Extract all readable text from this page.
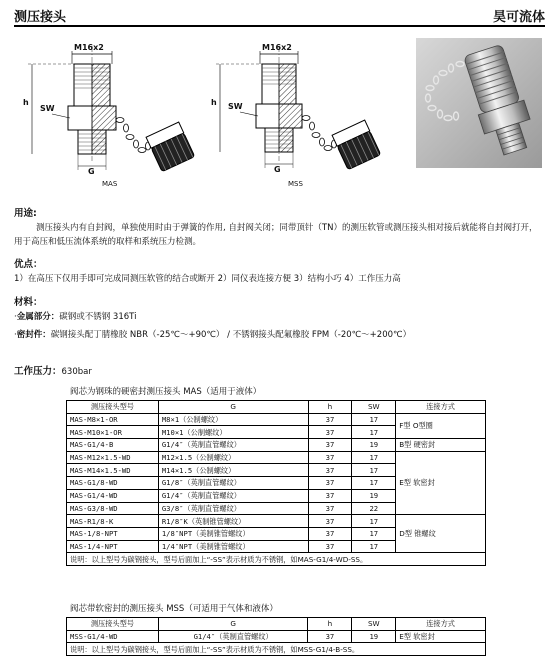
测压接头	昊可流体
M16x2
h
SW
G
MAS
M16x2
h SW
G
MSS
用途:
测压接头内有自封阀，单独使用时由于弹簧的作用, 自封阀关闭；同带顶针（TN）的测压软管或测压接头相对接后就能将自封阀打开，用于高压和低压流体系统的取样和系统压力检测。
优点：
1）在高压下仅用手即可完成同测压软管的结合或断开 2）同仪表连接方便 3）结构小巧 4）工作压力高
材料：
·金属部分：碳钢或不锈钢 316Ti
·密封件：碳钢接头配丁腈橡胶 NBR（-25℃～+90℃） / 不锈钢接头配氟橡胶 FPM（-20℃～+200℃）
工作压力：630bar
阀芯为钢珠的硬密封测压接头 MAS（适用于液体）
测压接头型号	G	h	SW	连接方式
MAS-M8×1-OR	M8×1（公制螺纹）	37	17	F型 O型圈
MAS-M10×1-OR	M10×1（公制螺纹）	37	17	
MAS-G1/4-B	G1/4″（英制直管螺纹）	37	19	B型 硬密封
MAS-M12×1.5-WD	M12×1.5（公制螺纹）	37	17	E型 软密封
MAS-M14×1.5-WD	M14×1.5（公制螺纹）	37	17	
MAS-G1/8-WD	G1/8″（英制直管螺纹）	37	17	
MAS-G1/4-WD	G1/4″（英制直管螺纹）	37	19	
MAS-G3/8-WD	G3/8″（英制直管螺纹）	37	22	
MAS-R1/8-K	R1/8″K（英制锥管螺纹）	37	17	D型 锥螺纹
MAS-1/8-NPT	1/8″NPT（美制锥管螺纹）	37	17	
MAS-1/4-NPT	1/4″NPT（美制锥管螺纹）	37	17	
说明：以上型号为碳钢接头，型号后面加上“-SS”表示材质为不锈钢，如MAS-G1/4-WD-SS。				
阀芯带软密封的测压接头 MSS（可适用于气体和液体）
测压接头型号	G	h	SW	连接方式
MSS-G1/4-WD	G1/4″（英制直管螺纹）	37	19	E型 软密封
说明：以上型号为碳钢接头，型号后面加上“-SS”表示材质为不锈钢，如MSS-G1/4-B-SS。				
